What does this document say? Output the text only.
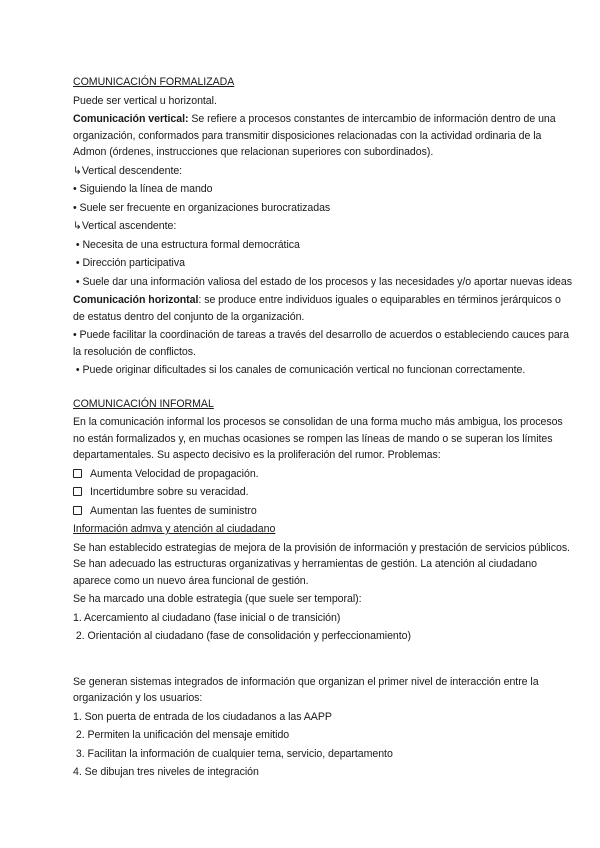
COMUNICACIÓN FORMALIZADA

Puede ser vertical u horizontal.

Comunicación vertical: Se refiere a procesos constantes de intercambio de información dentro de una organización, conformados para transmitir disposiciones relacionadas con la actividad ordinaria de la Admon (órdenes, instrucciones que relacionan superiores con subordinados).

↳Vertical descendente:

• Siguiendo la línea de mando

• Suele ser frecuente en organizaciones burocratizadas

↳Vertical ascendente:

• Necesita de una estructura formal democrática

• Dirección participativa

• Suele dar una información valiosa del estado de los procesos y las necesidades y/o aportar nuevas ideas

Comunicación horizontal: se produce entre individuos iguales o equiparables en términos jerárquicos o de estatus dentro del conjunto de la organización.

• Puede facilitar la coordinación de tareas a través del desarrollo de acuerdos o estableciendo cauces para la resolución de conflictos.

• Puede originar dificultades si los canales de comunicación vertical no funcionan correctamente.

COMUNICACIÓN INFORMAL

En la comunicación informal los procesos se consolidan de una forma mucho más ambigua, los procesos no están formalizados y, en muchas ocasiones se rompen las líneas de mando o se superan los límites departamentales. Su aspecto decisivo es la proliferación del rumor. Problemas:

Aumenta Velocidad de propagación.

Incertidumbre sobre su veracidad.

Aumentan las fuentes de suministro

Información admva y atención al ciudadano

Se han establecido estrategias de mejora de la provisión de información y prestación de servicios públicos. Se han adecuado las estructuras organizativas y herramientas de gestión. La atención al ciudadano aparece como un nuevo área funcional de gestión.

Se ha marcado una doble estrategia (que suele ser temporal):

1. Acercamiento al ciudadano (fase inicial o de transición)

2. Orientación al ciudadano (fase de consolidación y perfeccionamiento)

Se generan sistemas integrados de información que organizan el primer nivel de interacción entre la organización y los usuarios:

1. Son puerta de entrada de los ciudadanos a las AAPP

2. Permiten la unificación del mensaje emitido

3. Facilitan la información de cualquier tema, servicio, departamento

4. Se dibujan tres niveles de integración
